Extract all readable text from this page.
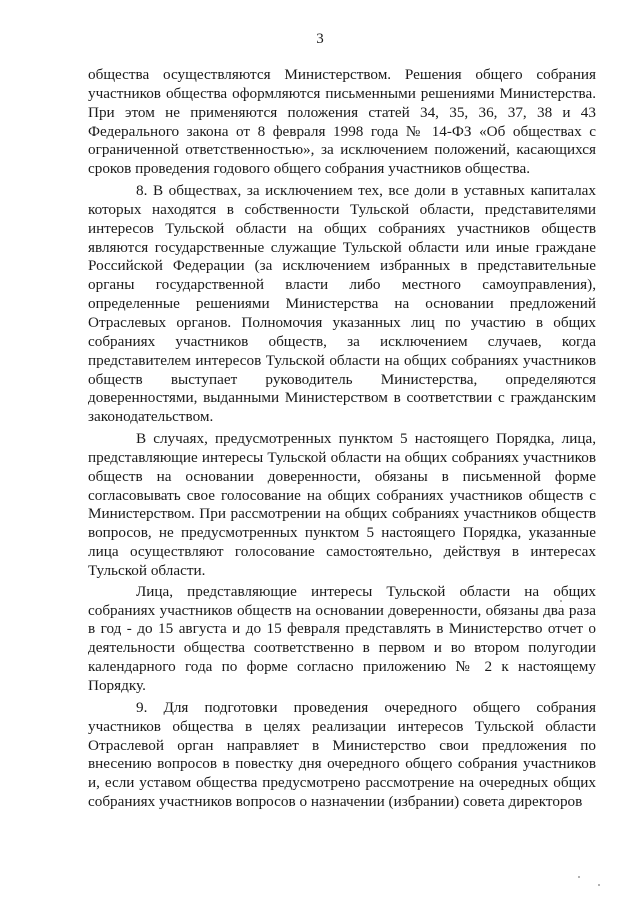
3

общества осуществляются Министерством. Решения общего собрания участников общества оформляются письменными решениями Министерства. При этом не применяются положения статей 34, 35, 36, 37, 38 и 43 Федерального закона от 8 февраля 1998 года № 14-ФЗ «Об обществах с ограниченной ответственностью», за исключением положений, касающихся сроков проведения годового общего собрания участников общества.

8. В обществах, за исключением тех, все доли в уставных капиталах которых находятся в собственности Тульской области, представителями интересов Тульской области на общих собраниях участников обществ являются государственные служащие Тульской области или иные граждане Российской Федерации (за исключением избранных в представительные органы государственной власти либо местного самоуправления), определенные решениями Министерства на основании предложений Отраслевых органов. Полномочия указанных лиц по участию в общих собраниях участников обществ, за исключением случаев, когда представителем интересов Тульской области на общих собраниях участников обществ выступает руководитель Министерства, определяются доверенностями, выданными Министерством в соответствии с гражданским законодательством.

В случаях, предусмотренных пунктом 5 настоящего Порядка, лица, представляющие интересы Тульской области на общих собраниях участников обществ на основании доверенности, обязаны в письменной форме согласовывать свое голосование на общих собраниях участников обществ с Министерством. При рассмотрении на общих собраниях участников обществ вопросов, не предусмотренных пунктом 5 настоящего Порядка, указанные лица осуществляют голосование самостоятельно, действуя в интересах Тульской области.

Лица, представляющие интересы Тульской области на общих собраниях участников обществ на основании доверенности, обязаны два раза в год - до 15 августа и до 15 февраля представлять в Министерство отчет о деятельности общества соответственно в первом и во втором полугодии календарного года по форме согласно приложению № 2 к настоящему Порядку.

9. Для подготовки проведения очередного общего собрания участников общества в целях реализации интересов Тульской области Отраслевой орган направляет в Министерство свои предложения по внесению вопросов в повестку дня очередного общего собрания участников и, если уставом общества предусмотрено рассмотрение на очередных общих собраниях участников вопросов о назначении (избрании) совета директоров
